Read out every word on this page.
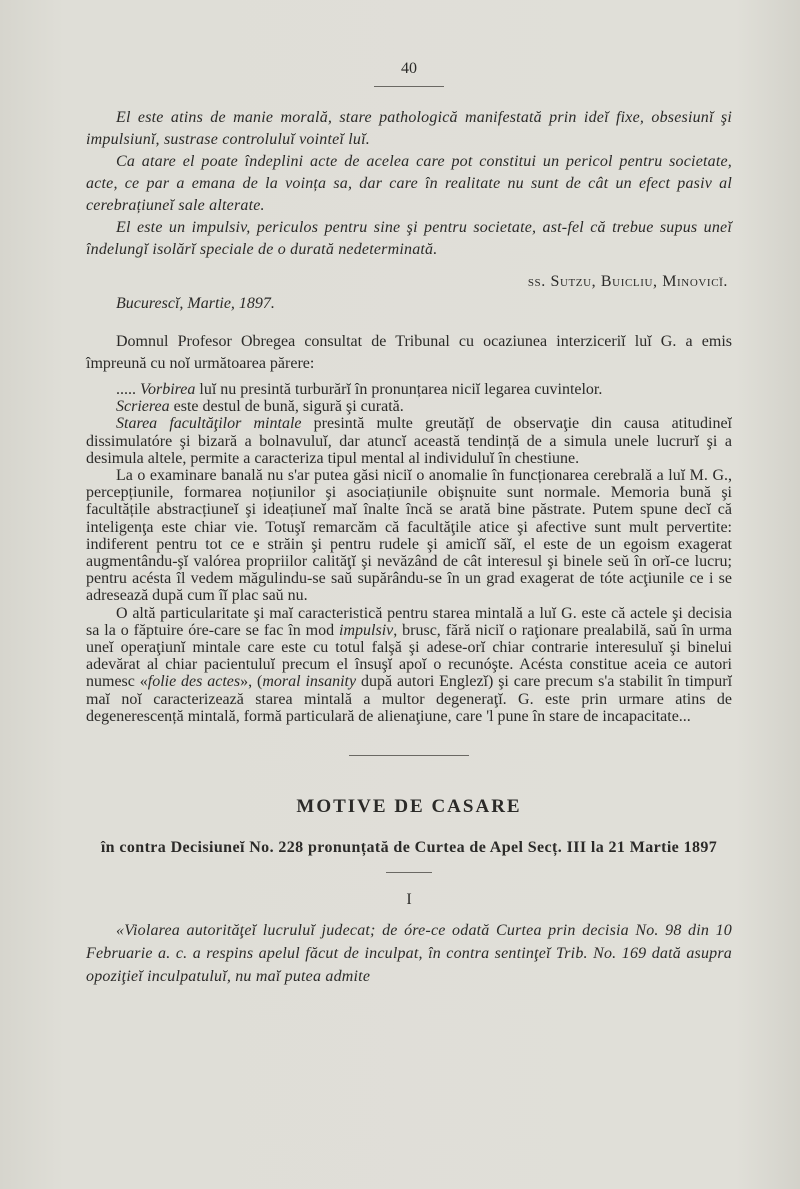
40

El este atins de manie morală, stare pathologică manifestată prin ideĭ fixe, obsesiunĭ şi impulsiunĭ, sustrase controluluĭ vointeĭ luĭ.

Ca atare el poate îndeplini acte de acelea care pot constitui un pericol pentru societate, acte, ce par a emana de la voința sa, dar care în realitate nu sunt de cât un efect pasiv al cerebrațiuneĭ sale alterate.

El este un impulsiv, periculos pentru sine şi pentru societate, ast-fel că trebue supus uneĭ îndelungĭ isolărĭ speciale de o durată nedeterminată.

ss. Sutzu, Buicliu, Minovicĭ.
Bucurescĭ, Martie, 1897.

Domnul Profesor Obregea consultat de Tribunal cu ocaziunea interziceriĭ luĭ G. a emis împreună cu noĭ următoarea părere:

..... Vorbirea luĭ nu presintă turburărĭ în pronunțarea niciĭ legarea cuvintelor.

Scrierea este destul de bună, sigură şi curată.

Starea facultăţilor mintale presintă multe greutățĭ de observaţie din causa atitudineĭ dissimulatóre şi bizară a bolnavuluĭ, dar atuncĭ această tendință de a simula unele lucrurĭ şi a desimula altele, permite a caracteriza tipul mental al individuluĭ în chestiune.

La o examinare banală nu s'ar putea găsi niciĭ o anomalie în funcționarea cerebrală a luĭ M. G., percepțiunile, formarea noțiunilor şi asociațiunile obişnuite sunt normale. Memoria bună şi facultățile abstracțiuneĭ şi ideațiuneĭ maĭ înalte încă se arată bine păstrate. Putem spune decĭ că inteligenţa este chiar vie. Totuşĭ remarcăm că facultăţile atice şi afective sunt mult pervertite: indiferent pentru tot ce e străin şi pentru rudele şi amicĭĭ săĭ, el este de un egoism exagerat augmentându-şĭ valórea propriilor calităţĭ şi nevăzând de cât interesul şi binele seŭ în orĭ-ce lucru; pentru acésta îl vedem măgulindu-se saŭ supărându-se în un grad exagerat de tóte acţiunile ce i se adresează după cum îĭ plac saŭ nu.

O altă particularitate şi maĭ caracteristică pentru starea mintală a luĭ G. este că actele şi decisia sa la o făptuire óre-care se fac în mod impulsiv, brusc, fără niciĭ o raţionare prealabilă, saŭ în urma uneĭ operaţiunĭ mintale care este cu totul falşă şi adese-orĭ chiar contrarie interesuluĭ şi binelui adevărat al chiar pacientuluĭ precum el însuşĭ apoĭ o recunóşte. Acésta constitue aceia ce autori numesc «folie des actes», (moral insanity după autori Englezĭ) şi care precum s'a stabilit în timpurĭ maĭ noĭ caracterizează starea mintală a multor degeneraţĭ. G. este prin urmare atins de degenerescență mintală, formă particulară de alienaţiune, care 'l pune în stare de incapacitate...

MOTIVE DE CASARE

în contra Decisiuneĭ No. 228 pronunțată de Curtea de Apel Secț. III la 21 Martie 1897

I

«Violarea autorităţeĭ lucruluĭ judecat; de óre-ce odată Curtea prin decisia No. 98 din 10 Februarie a. c. a respins apelul făcut de inculpat, în contra sentinţeĭ Trib. No. 169 dată asupra opoziţieĭ inculpatuluĭ, nu maĭ putea admite
